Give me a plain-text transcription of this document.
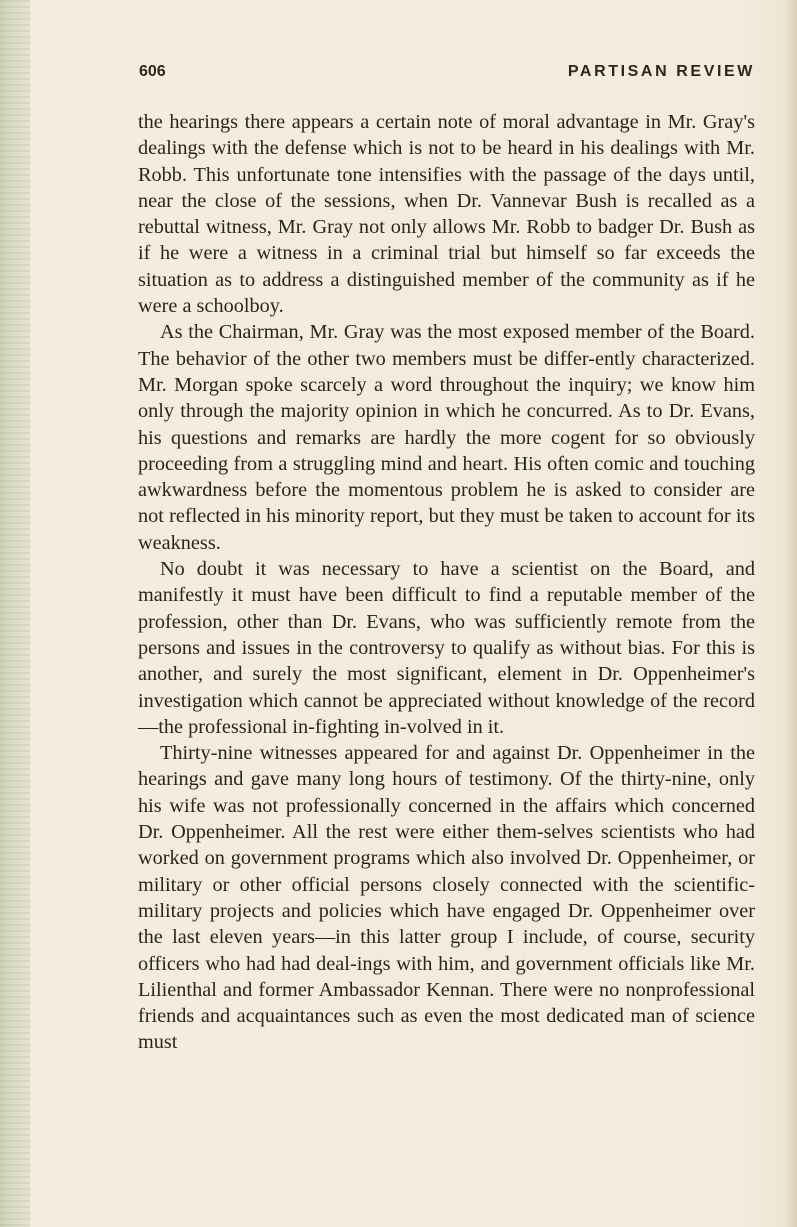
606	PARTISAN REVIEW

the hearings there appears a certain note of moral advantage in Mr. Gray's dealings with the defense which is not to be heard in his dealings with Mr. Robb. This unfortunate tone intensifies with the passage of the days until, near the close of the sessions, when Dr. Vannevar Bush is recalled as a rebuttal witness, Mr. Gray not only allows Mr. Robb to badger Dr. Bush as if he were a witness in a criminal trial but himself so far exceeds the situation as to address a distinguished member of the community as if he were a schoolboy.

As the Chairman, Mr. Gray was the most exposed member of the Board. The behavior of the other two members must be differ-ently characterized. Mr. Morgan spoke scarcely a word throughout the inquiry; we know him only through the majority opinion in which he concurred. As to Dr. Evans, his questions and remarks are hardly the more cogent for so obviously proceeding from a struggling mind and heart. His often comic and touching awkwardness before the momentous problem he is asked to consider are not reflected in his minority report, but they must be taken to account for its weakness.

No doubt it was necessary to have a scientist on the Board, and manifestly it must have been difficult to find a reputable member of the profession, other than Dr. Evans, who was sufficiently remote from the persons and issues in the controversy to qualify as without bias. For this is another, and surely the most significant, element in Dr. Oppenheimer's investigation which cannot be appreciated without knowledge of the record—the professional in-fighting in-volved in it.

Thirty-nine witnesses appeared for and against Dr. Oppenheimer in the hearings and gave many long hours of testimony. Of the thirty-nine, only his wife was not professionally concerned in the affairs which concerned Dr. Oppenheimer. All the rest were either them-selves scientists who had worked on government programs which also involved Dr. Oppenheimer, or military or other official persons closely connected with the scientific-military projects and policies which have engaged Dr. Oppenheimer over the last eleven years—in this latter group I include, of course, security officers who had had deal-ings with him, and government officials like Mr. Lilienthal and former Ambassador Kennan. There were no nonprofessional friends and acquaintances such as even the most dedicated man of science must
